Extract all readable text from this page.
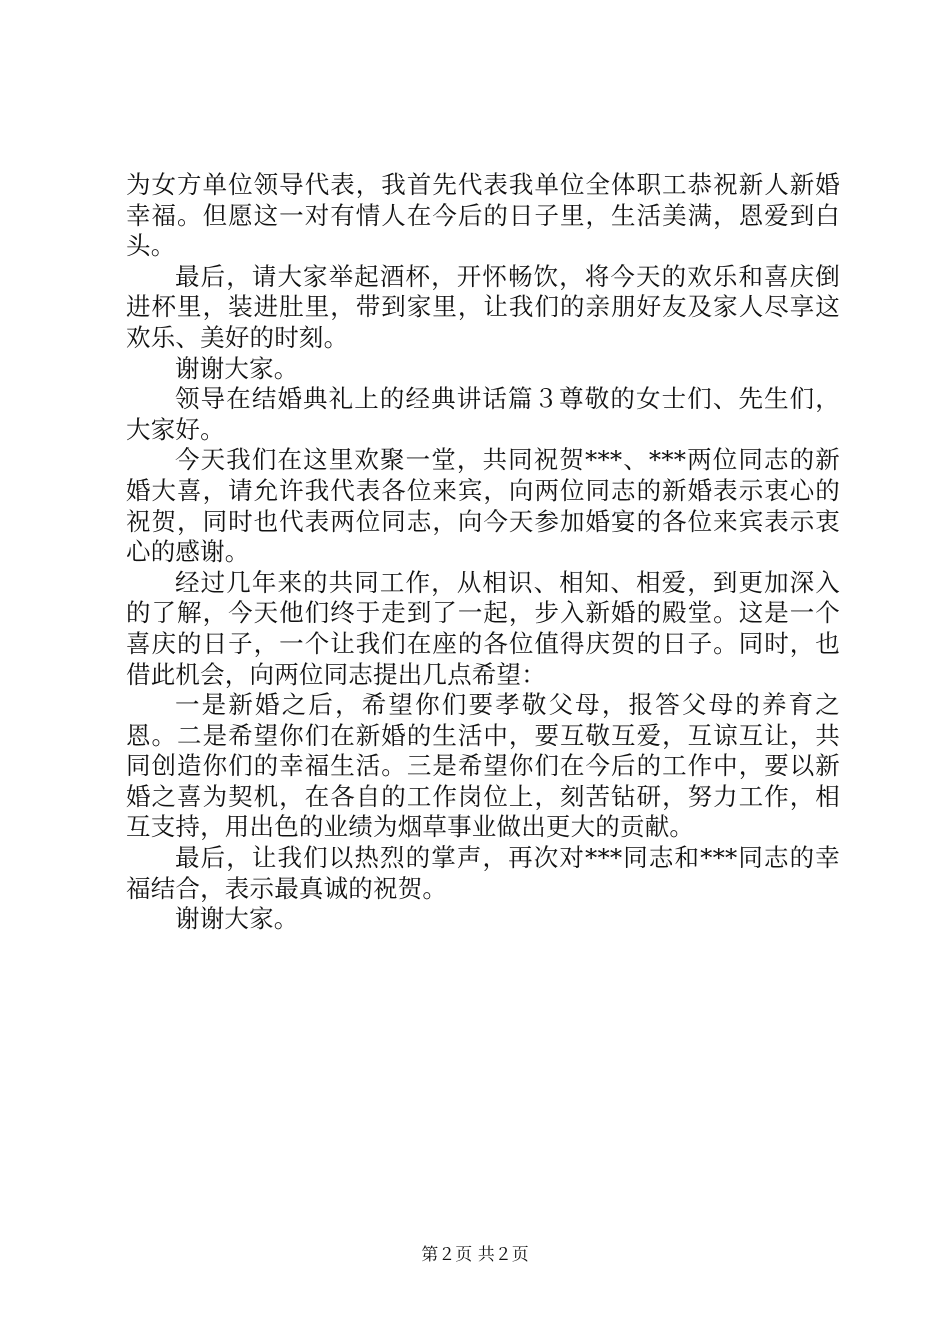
为女方单位领导代表，我首先代表我单位全体职工恭祝新人新婚幸福。但愿这一对有情人在今后的日子里，生活美满，恩爱到白头。

最后，请大家举起酒杯，开怀畅饮，将今天的欢乐和喜庆倒进杯里，装进肚里，带到家里，让我们的亲朋好友及家人尽享这欢乐、美好的时刻。

谢谢大家。

领导在结婚典礼上的经典讲话篇３尊敬的女士们、先生们，大家好。

今天我们在这里欢聚一堂，共同祝贺***、***两位同志的新婚大喜，请允许我代表各位来宾，向两位同志的新婚表示衷心的祝贺，同时也代表两位同志，向今天参加婚宴的各位来宾表示衷心的感谢。

经过几年来的共同工作，从相识、相知、相爱，到更加深入的了解，今天他们终于走到了一起，步入新婚的殿堂。这是一个喜庆的日子，一个让我们在座的各位值得庆贺的日子。同时，也借此机会，向两位同志提出几点希望：

一是新婚之后，希望你们要孝敬父母，报答父母的养育之恩。二是希望你们在新婚的生活中，要互敬互爱，互谅互让，共同创造你们的幸福生活。三是希望你们在今后的工作中，要以新婚之喜为契机，在各自的工作岗位上，刻苦钻研，努力工作，相互支持，用出色的业绩为烟草事业做出更大的贡献。

最后，让我们以热烈的掌声，再次对***同志和***同志的幸福结合，表示最真诚的祝贺。

谢谢大家。

第２页 共２页
